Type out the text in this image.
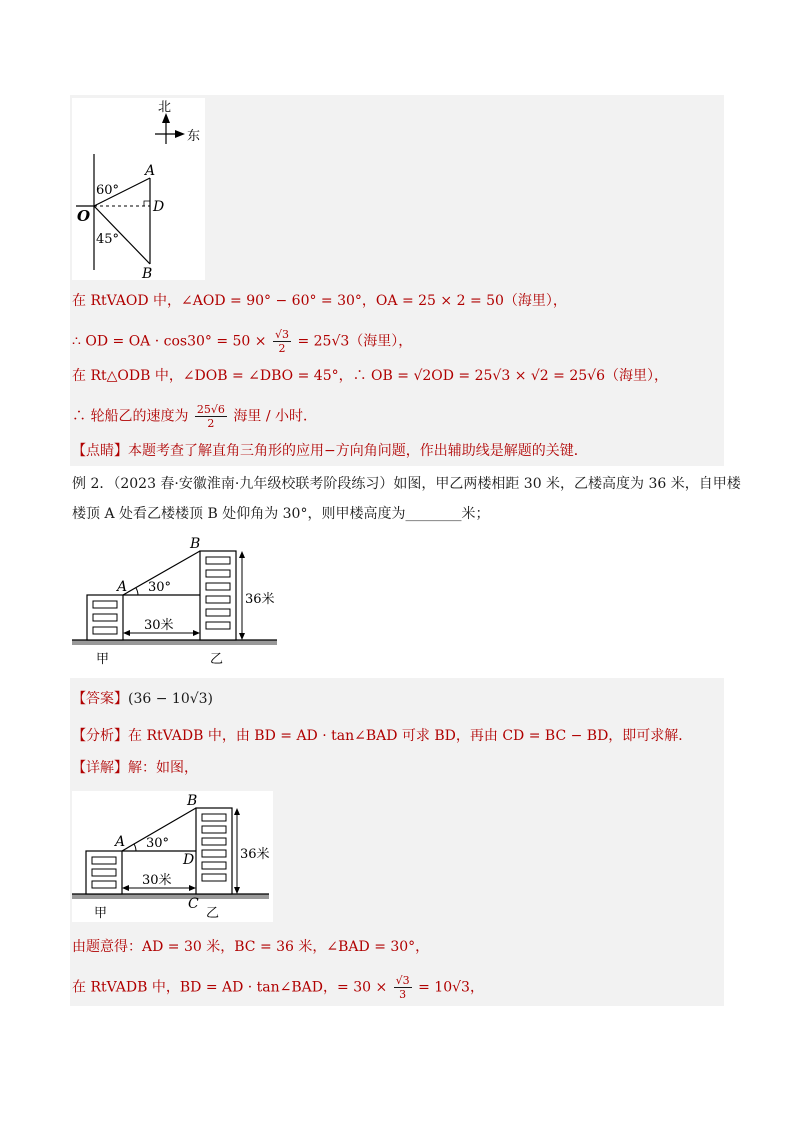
北
东
A
O	D
B
60°
45°
在 RtVAOD 中，∠AOD = 90° − 60° = 30°，OA = 25 × 2 = 50（海里），
∴ OD = OA · $\cos 30^\circ = 50 \times \frac{√3}{2} = 25√3$（海里），
在 Rt△ODB 中，∠DOB = ∠DBO = 45°，∴ OB = √2OD = 25√3 × √2 = 25√6（海里），
∴ 轮船乙的速度为 $\frac{25√6}{2}$ 海里 / 小时．
【点睛】本题考查了解直角三角形的应用−方向角问题，作出辅助线是解题的关键．
例 2．（2023 春·安徽淮南·九年级校联考阶段练习）如图，甲乙两楼相距 30 米，乙楼高度为 36 米，自甲楼
楼顶 A 处看乙楼楼顶 B 处仰角为 30°，则甲楼高度为________米；
A
B
30°
30米
36米
甲	乙
【答案】(36 − 10√3)
【分析】在 RtVADB 中，由 BD = AD · tan∠BAD 可求 BD，再由 CD = BC − BD，即可求解．
【详解】解：如图，
A
B
D
C
30°
30米
36米
甲	乙
由题意得：AD = 30 米，BC = 36 米，∠BAD = 30°，
在 RtVADB 中，BD = AD · tan∠BAD，= $30 \times \frac{√3}{3} = 10√3$，
